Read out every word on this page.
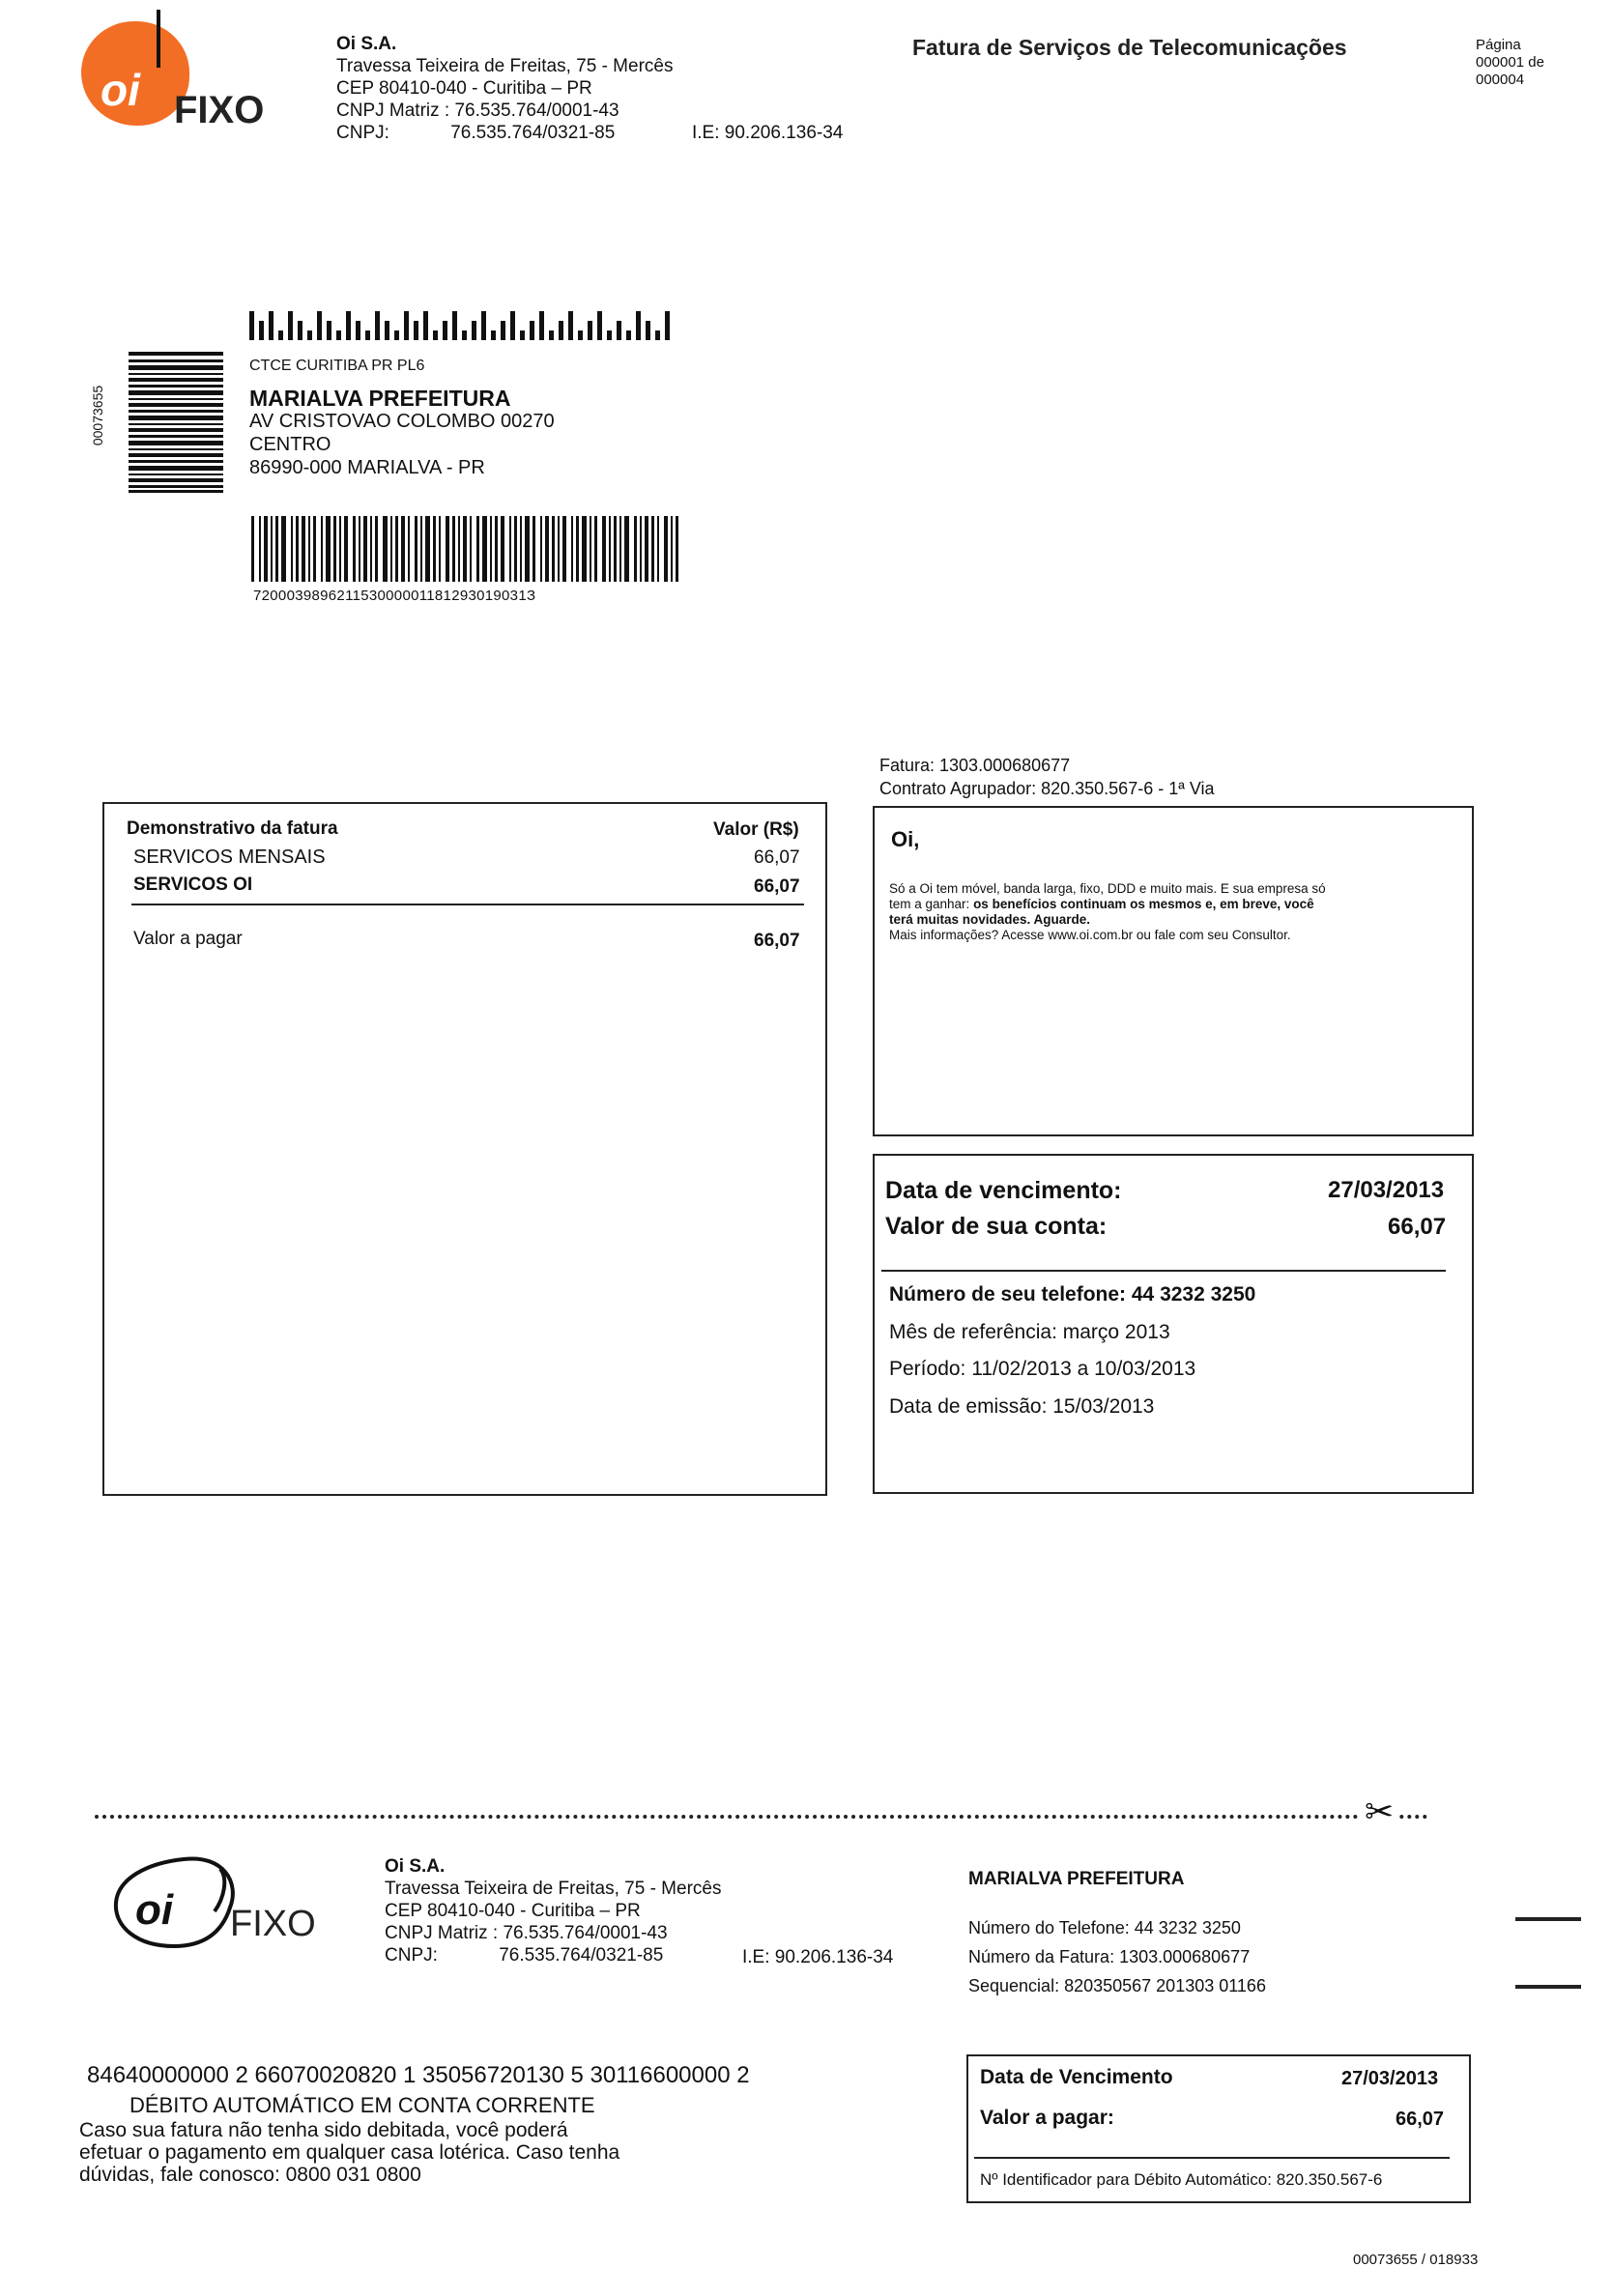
oi FIXO
Oi S.A.
Travessa Teixeira de Freitas, 75 - Mercês
CEP 80410-040 - Curitiba – PR
CNPJ Matriz : 76.535.764/0001-43
CNPJ:	76.535.764/0321-85	I.E: 90.206.136-34
Fatura de Serviços de Telecomunicações	Página
000001 de
000004
00073655
CTCE CURITIBA PR PL6
MARIALVA PREFEITURA
AV CRISTOVAO COLOMBO 00270
CENTRO
86990-000 MARIALVA - PR
720003989621153000001181293019031З
Fatura: 1303.000680677
Contrato Agrupador: 820.350.567-6 - 1ª Via
Demonstrativo da fatura	Valor (R$)
SERVICOS MENSAIS	66,07
SERVICOS OI	66,07
Valor a pagar	66,07
Oi,
Só a Oi tem móvel, banda larga, fixo, DDD e muito mais. E sua empresa só
tem a ganhar: os benefícios continuam os mesmos e, em breve, você
terá muitas novidades. Aguarde.
Mais informações? Acesse www.oi.com.br ou fale com seu Consultor.
Data de vencimento:	27/03/2013
Valor de sua conta:	66,07
Número de seu telefone: 44 3232 3250
Mês de referência: março 2013
Período: 11/02/2013 a 10/03/2013
Data de emissão: 15/03/2013
✂
oi FIXO
Oi S.A.
Travessa Teixeira de Freitas, 75 - Mercês
CEP 80410-040 - Curitiba – PR
CNPJ Matriz : 76.535.764/0001-43
CNPJ:	76.535.764/0321-85	I.E: 90.206.136-34
MARIALVA PREFEITURA
Número do Telefone: 44 3232 3250
Número da Fatura: 1303.000680677
Sequencial: 820350567 201303 01166
84640000000 2 66070020820 1 35056720130 5 30116600000 2
DÉBITO AUTOMÁTICO EM CONTA CORRENTE
Caso sua fatura não tenha sido debitada, você poderá
efetuar o pagamento em qualquer casa lotérica. Caso tenha
dúvidas, fale conosco: 0800 031 0800
Data de Vencimento	27/03/2013
Valor a pagar:	66,07
Nº Identificador para Débito Automático: 820.350.567-6
00073655 / 018933
